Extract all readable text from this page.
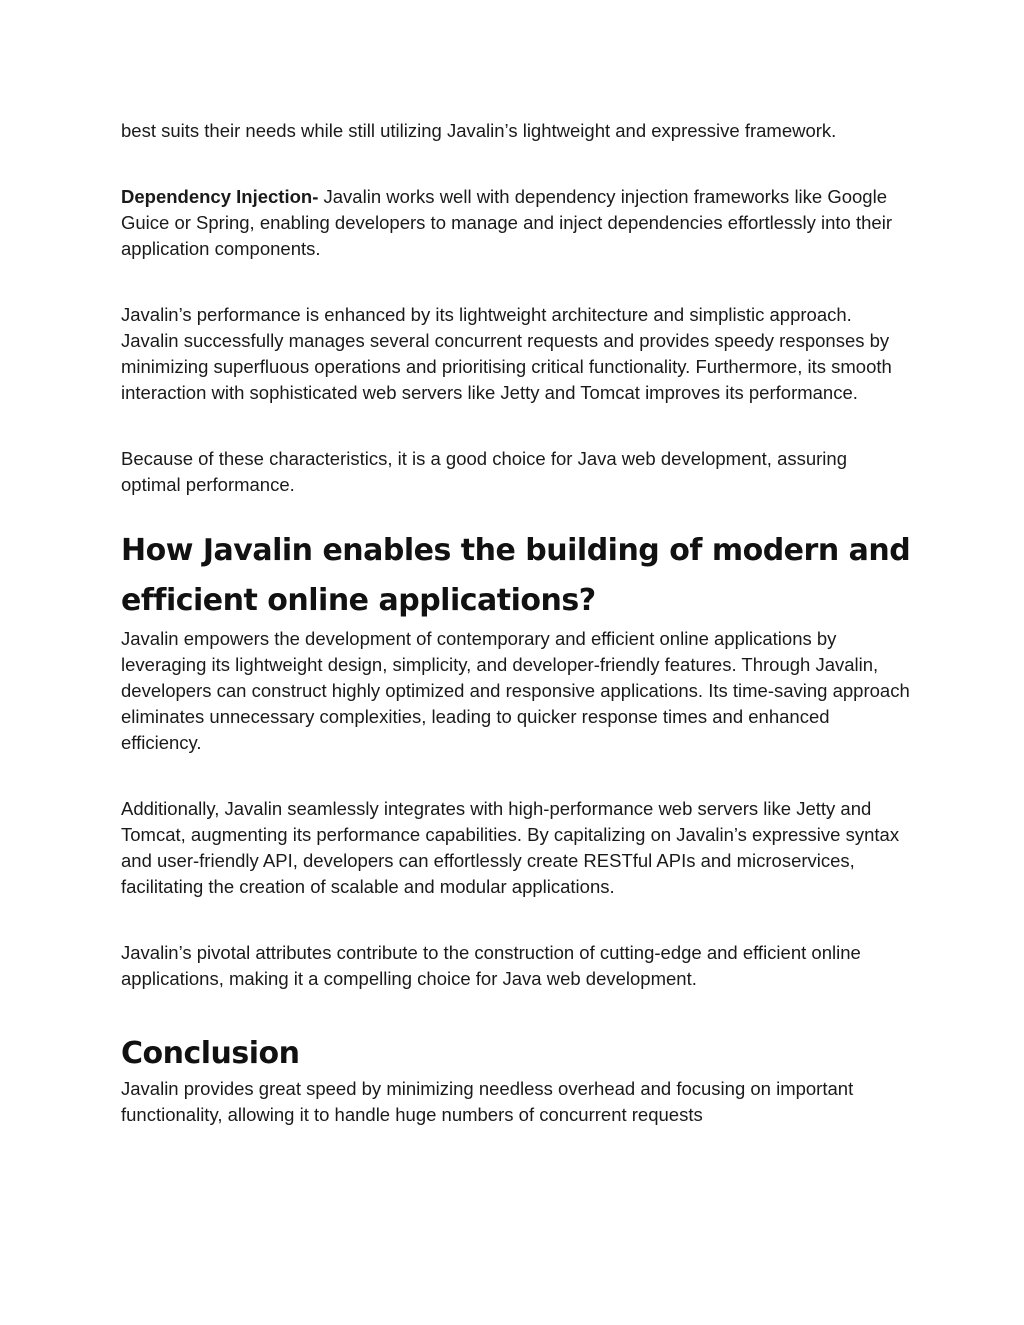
best suits their needs while still utilizing Javalin’s lightweight and expressive framework.

Dependency Injection- Javalin works well with dependency injection frameworks like Google Guice or Spring, enabling developers to manage and inject dependencies effortlessly into their application components.

Javalin’s performance is enhanced by its lightweight architecture and simplistic approach. Javalin successfully manages several concurrent requests and provides speedy responses by minimizing superfluous operations and prioritising critical functionality. Furthermore, its smooth interaction with sophisticated web servers like Jetty and Tomcat improves its performance.

Because of these characteristics, it is a good choice for Java web development, assuring optimal performance.

How Javalin enables the building of modern and efficient online applications?

Javalin empowers the development of contemporary and efficient online applications by leveraging its lightweight design, simplicity, and developer-friendly features. Through Javalin, developers can construct highly optimized and responsive applications. Its time-saving approach eliminates unnecessary complexities, leading to quicker response times and enhanced efficiency.

Additionally, Javalin seamlessly integrates with high-performance web servers like Jetty and Tomcat, augmenting its performance capabilities. By capitalizing on Javalin’s expressive syntax and user-friendly API, developers can effortlessly create RESTful APIs and microservices, facilitating the creation of scalable and modular applications.

Javalin’s pivotal attributes contribute to the construction of cutting-edge and efficient online applications, making it a compelling choice for Java web development.

Conclusion

Javalin provides great speed by minimizing needless overhead and focusing on important functionality, allowing it to handle huge numbers of concurrent requests
